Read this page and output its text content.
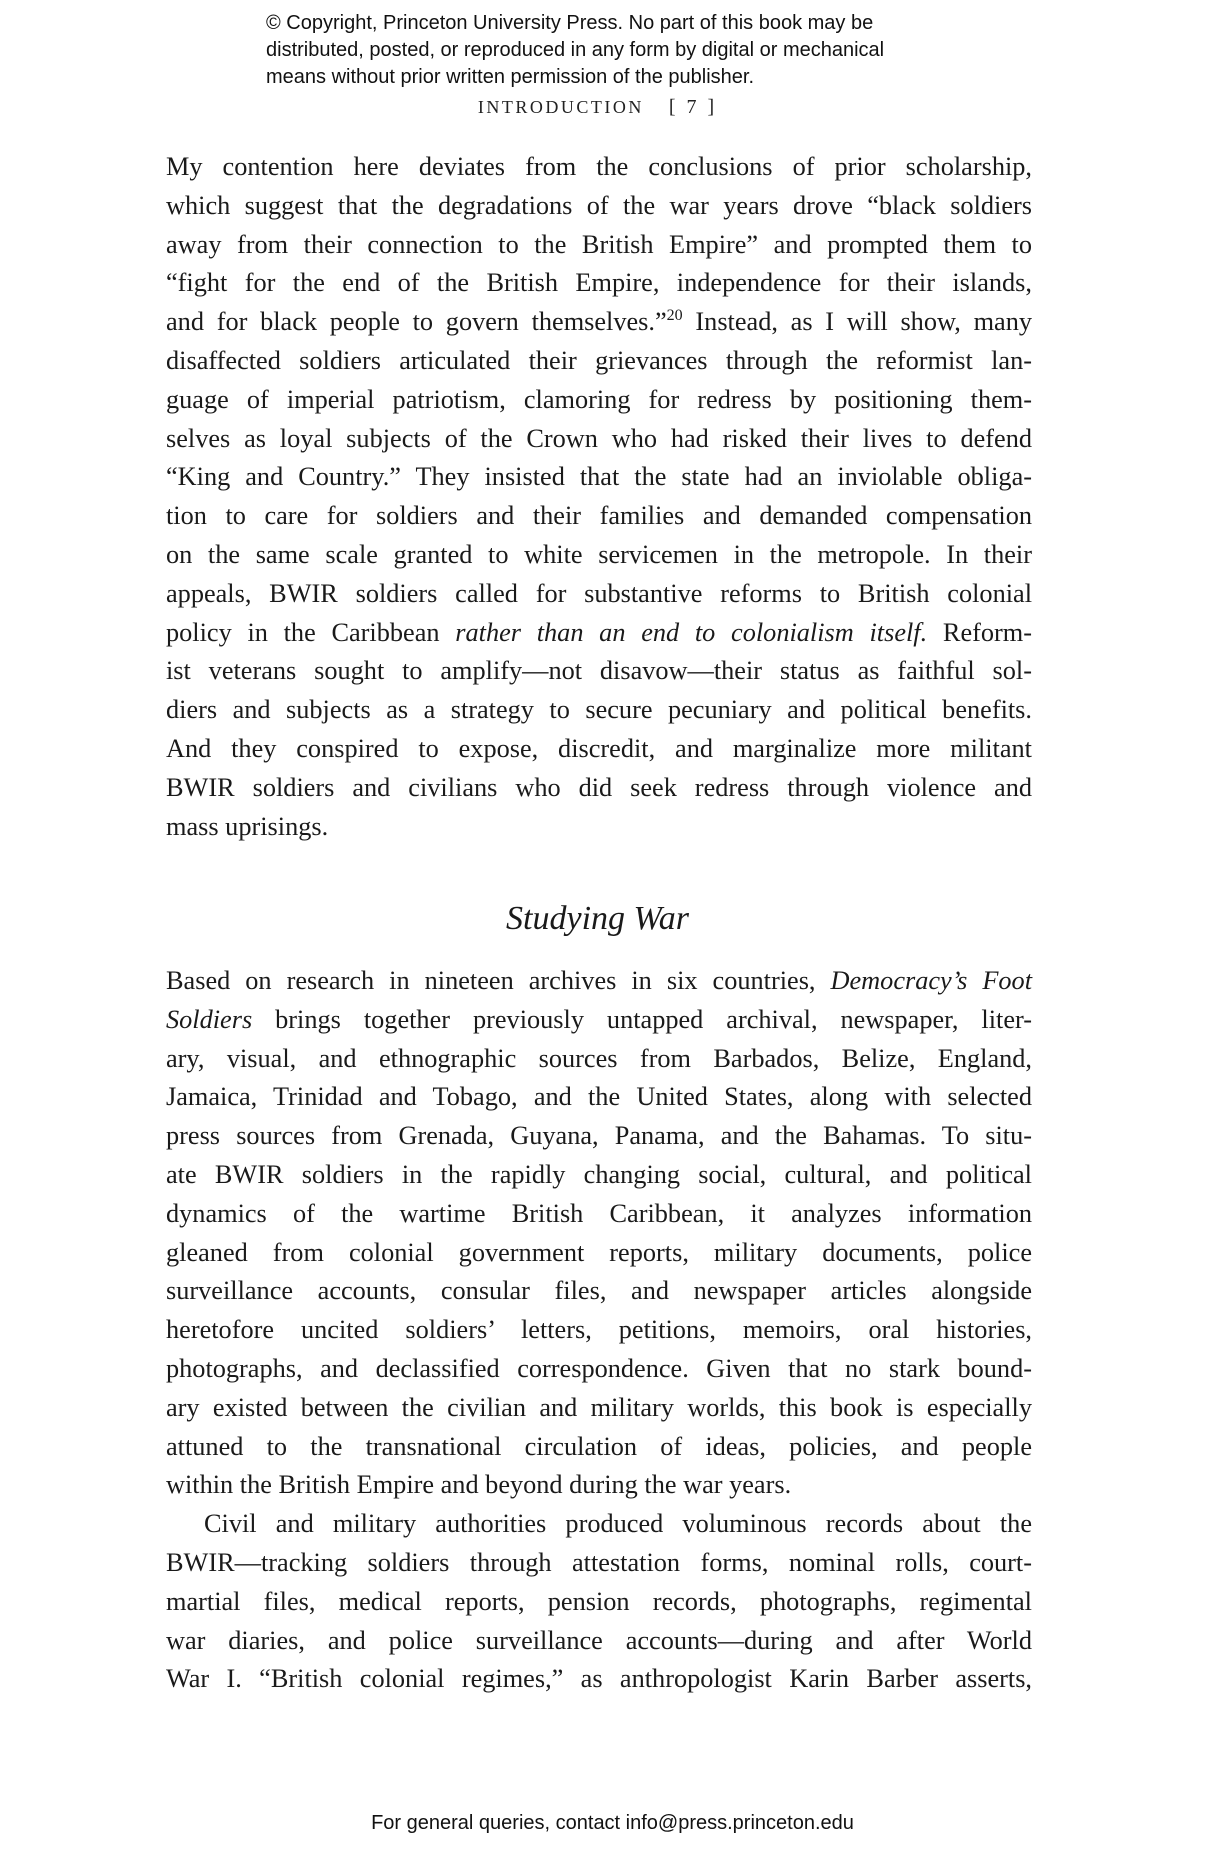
© Copyright, Princeton University Press. No part of this book may be

distributed, posted, or reproduced in any form by digital or mechanical

means without prior written permission of the publisher.

INTRODUCTION [ 7 ]
My contention here deviates from the conclusions of prior scholarship,
which suggest that the degradations of the war years drove “black soldiers
away from their connection to the British Empire” and prompted them to
“fight for the end of the British Empire, independence for their islands,
and for black people to govern themselves.”$^{20}$ Instead, as I will show, many
disaffected soldiers articulated their grievances through the reformist lan-
guage of imperial patriotism, clamoring for redress by positioning them-
selves as loyal subjects of the Crown who had risked their lives to defend
“King and Country.” They insisted that the state had an inviolable obliga-
tion to care for soldiers and their families and demanded compensation
on the same scale granted to white servicemen in the metropole. In their
appeals, BWIR soldiers called for substantive reforms to British colonial
policy in the Caribbean rather than an end to colonialism itself. Reform-
ist veterans sought to amplify—not disavow—their status as faithful sol-
diers and subjects as a strategy to secure pecuniary and political benefits.
And they conspired to expose, discredit, and marginalize more militant
BWIR soldiers and civilians who did seek redress through violence and
mass uprisings.
Studying War
Based on research in nineteen archives in six countries, Democracy’s Foot
Soldiers brings together previously untapped archival, newspaper, liter-
ary, visual, and ethnographic sources from Barbados, Belize, England,
Jamaica, Trinidad and Tobago, and the United States, along with selected
press sources from Grenada, Guyana, Panama, and the Bahamas. To situ-
ate BWIR soldiers in the rapidly changing social, cultural, and political
dynamics of the wartime British Caribbean, it analyzes information
gleaned from colonial government reports, military documents, police
surveillance accounts, consular files, and newspaper articles alongside
heretofore uncited soldiers’ letters, petitions, memoirs, oral histories,
photographs, and declassified correspondence. Given that no stark bound-
ary existed between the civilian and military worlds, this book is especially
attuned to the transnational circulation of ideas, policies, and people
within the British Empire and beyond during the war years.
Civil and military authorities produced voluminous records about the
BWIR—tracking soldiers through attestation forms, nominal rolls, court-
martial files, medical reports, pension records, photographs, regimental
war diaries, and police surveillance accounts—during and after World
War I. “British colonial regimes,” as anthropologist Karin Barber asserts,
For general queries, contact info@press.princeton.edu
